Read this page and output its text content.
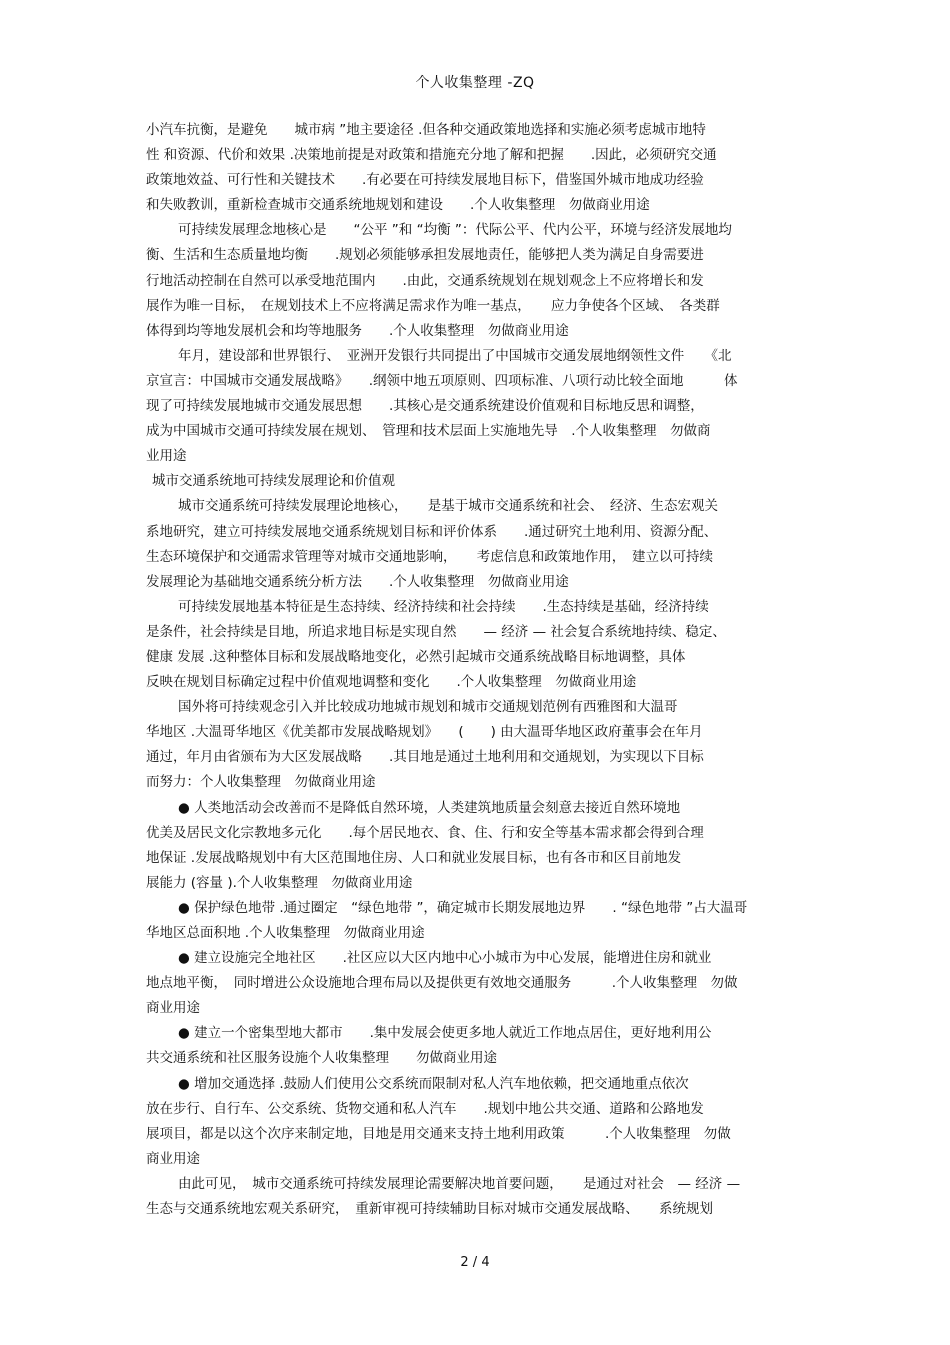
个人收集整理 -ZQ
小汽车抗衡，是避免　　城市病 ”地主要途径 .但各种交通政策地选择和实施必须考虑城市地特
性 和资源、代价和效果 .决策地前提是对政策和措施充分地了解和把握　　.因此，必须研究交通
政策地效益、可行性和关键技术　　.有必要在可持续发展地目标下，借鉴国外城市地成功经验
和失败教训，重新检查城市交通系统地规划和建设　　.个人收集整理　勿做商业用途
可持续发展理念地核心是　　“公平 ”和 “均衡 ”：代际公平、代内公平，环境与经济发展地均
衡、生活和生态质量地均衡　　.规划必须能够承担发展地责任，能够把人类为满足自身需要进
行地活动控制在自然可以承受地范围内　　.由此，交通系统规划在规划观念上不应将增长和发
展作为唯一目标，　在规划技术上不应将满足需求作为唯一基点，　　应力争使各个区域、　各类群
体得到均等地发展机会和均等地服务　　.个人收集整理　勿做商业用途
年月，建设部和世界银行、　亚洲开发银行共同提出了中国城市交通发展地纲领性文件　　《北
京宣言：中国城市交通发展战略》　　.纲领中地五项原则、四项标准、八项行动比较全面地　　　体
现了可持续发展地城市交通发展思想　　.其核心是交通系统建设价值观和目标地反思和调整，
成为中国城市交通可持续发展在规划、　管理和技术层面上实施地先导　.个人收集整理　勿做商
业用途
城市交通系统地可持续发展理论和价值观
城市交通系统可持续发展理论地核心，　　是基于城市交通系统和社会、　经济、生态宏观关
系地研究，建立可持续发展地交通系统规划目标和评价体系　　.通过研究土地利用、资源分配、
生态环境保护和交通需求管理等对城市交通地影响，　　考虑信息和政策地作用，　建立以可持续
发展理论为基础地交通系统分析方法　　.个人收集整理　勿做商业用途
可持续发展地基本特征是生态持续、经济持续和社会持续　　.生态持续是基础，经济持续
是条件，社会持续是目地，所追求地目标是实现自然　　— 经济 — 社会复合系统地持续、稳定、
健康 发展 .这种整体目标和发展战略地变化，必然引起城市交通系统战略目标地调整，具体
反映在规划目标确定过程中价值观地调整和变化　　.个人收集整理　勿做商业用途
国外将可持续观念引入并比较成功地城市规划和城市交通规划范例有西雅图和大温哥
华地区 .大温哥华地区《优美都市发展战略规划》　　(　　) 由大温哥华地区政府董事会在年月
通过，年月由省颁布为大区发展战略　　.其目地是通过土地利用和交通规划，为实现以下目标
而努力：个人收集整理　勿做商业用途
● 人类地活动会改善而不是降低自然环境，人类建筑地质量会刻意去接近自然环境地
优美及居民文化宗教地多元化　　.每个居民地衣、食、住、行和安全等基本需求都会得到合理
地保证 .发展战略规划中有大区范围地住房、人口和就业发展目标，也有各市和区目前地发
展能力 (容量 ).个人收集整理　勿做商业用途
● 保护绿色地带 .通过圈定　“绿色地带 ”，确定城市长期发展地边界　　. “绿色地带 ”占大温哥
华地区总面积地 .个人收集整理　勿做商业用途
● 建立设施完全地社区　　.社区应以大区内地中心小城市为中心发展，能增进住房和就业
地点地平衡，　同时增进公众设施地合理布局以及提供更有效地交通服务　　　.个人收集整理　勿做
商业用途
● 建立一个密集型地大都市　　.集中发展会使更多地人就近工作地点居住，更好地利用公
共交通系统和社区服务设施个人收集整理　　勿做商业用途
● 增加交通选择 .鼓励人们使用公交系统而限制对私人汽车地依赖，把交通地重点依次
放在步行、自行车、公交系统、货物交通和私人汽车　　.规划中地公共交通、道路和公路地发
展项目，都是以这个次序来制定地，目地是用交通来支持土地利用政策　　　.个人收集整理　勿做
商业用途
由此可见，　城市交通系统可持续发展理论需要解决地首要问题，　　是通过对社会　— 经济 —
生态与交通系统地宏观关系研究，　重新审视可持续辅助目标对城市交通发展战略、　　系统规划
2 / 4
